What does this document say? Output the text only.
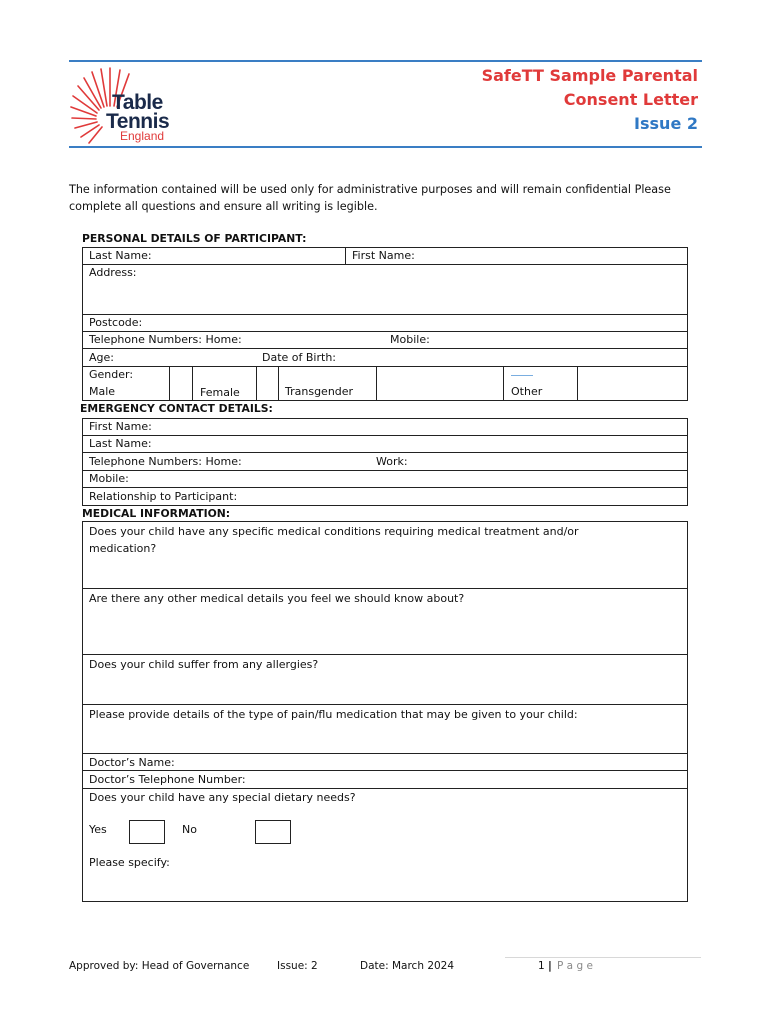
Table
Tennis
England
SafeTT Sample Parental
Consent Letter
Issue 2
The information contained will be used only for administrative purposes and will remain confidential Please complete all questions and ensure all writing is legible.
PERSONAL DETAILS OF PARTICIPANT:
Last Name:	First Name:
Address:
Postcode:
Telephone Numbers: Home:	Mobile:
Age:	Date of Birth:
Gender:
Male	Female	Transgender	Other
EMERGENCY CONTACT DETAILS:
First Name:
Last Name:
Telephone Numbers: Home:	Work:
Mobile:
Relationship to Participant:
MEDICAL INFORMATION:
Does your child have any specific medical conditions requiring medical treatment and/or medication?
Are there any other medical details you feel we should know about?
Does your child suffer from any allergies?
Please provide details of the type of pain/flu medication that may be given to your child:
Doctor’s Name:
Doctor’s Telephone Number:
Does your child have any special dietary needs?
Yes	No
Please specify:
Approved by: Head of Governance	Issue: 2	Date: March 2024	1 | P a g e
